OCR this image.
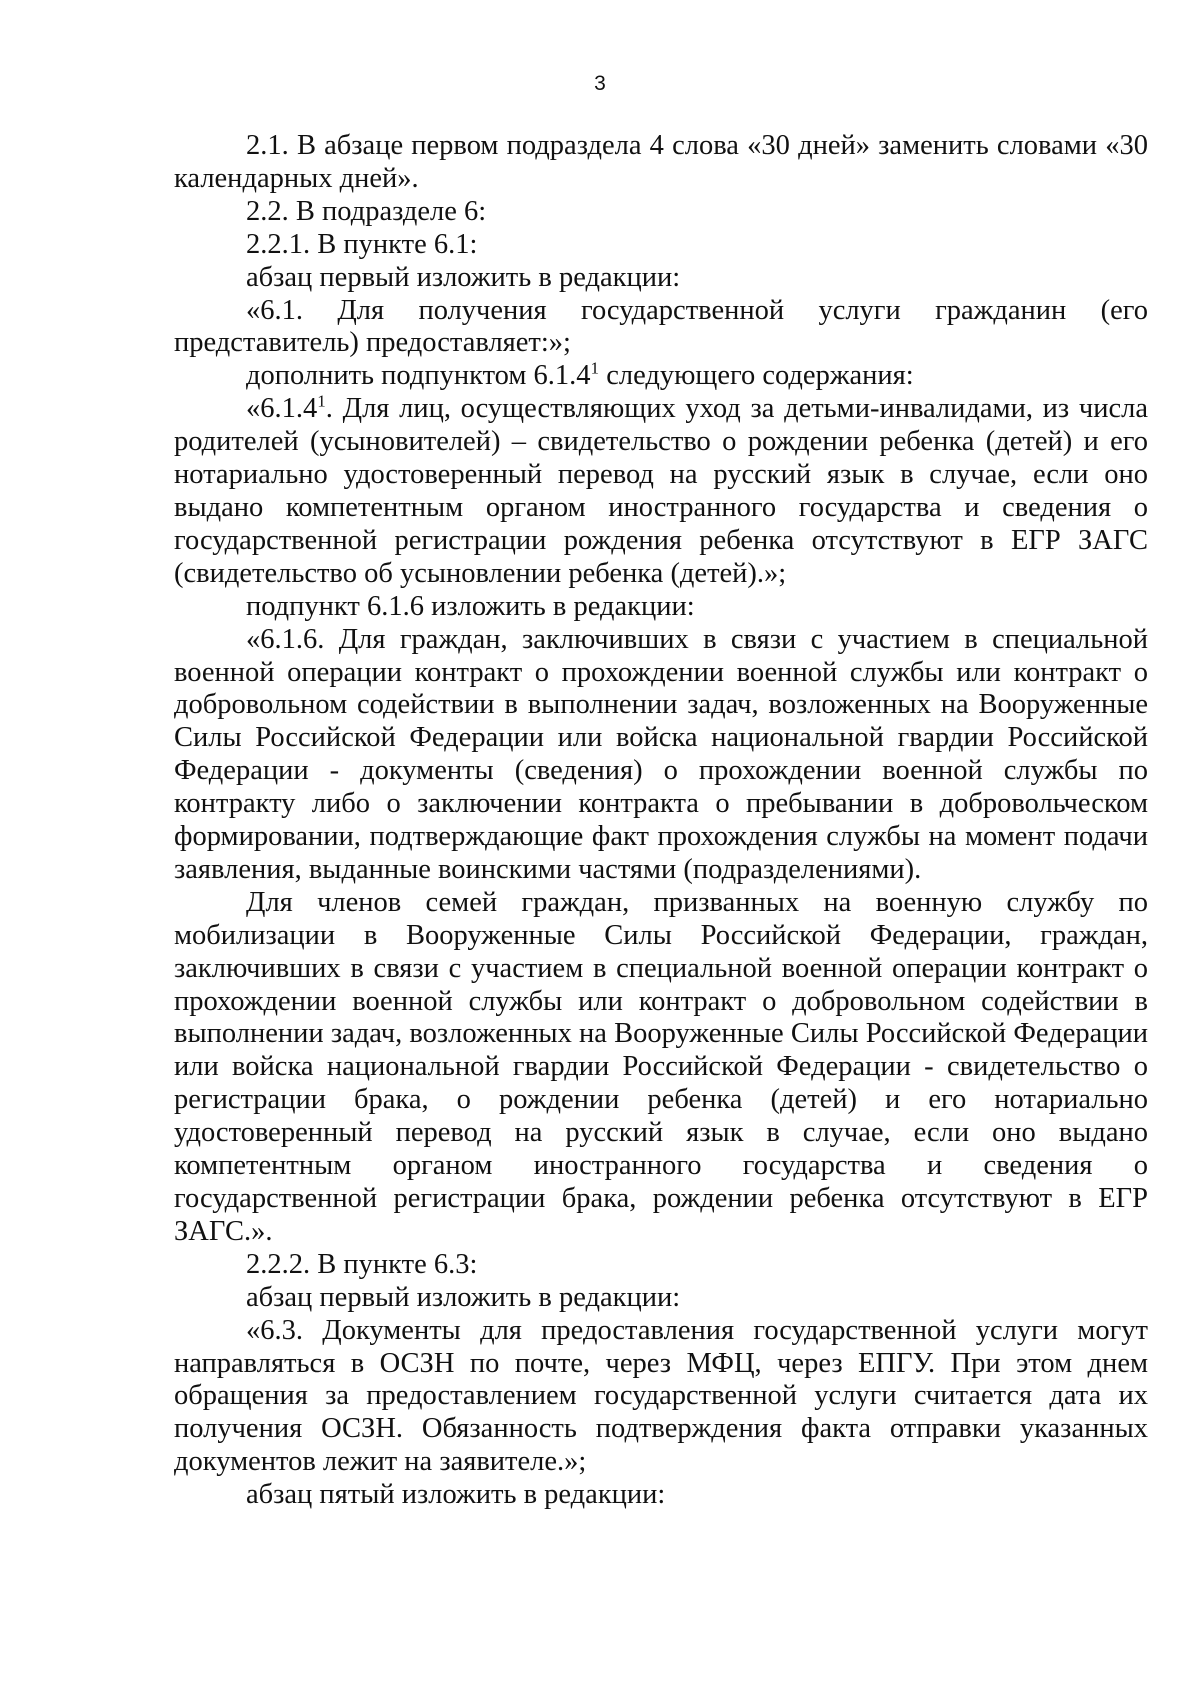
3

2.1. В абзаце первом подраздела 4 слова «30 дней» заменить словами «30 календарных дней».

2.2. В подразделе 6:

2.2.1. В пункте 6.1:

абзац первый изложить в редакции:

«6.1. Для получения государственной услуги гражданин (его представитель) предоставляет:»;

дополнить подпунктом 6.1.4$^1$ следующего содержания:

«6.1.4$^1$. Для лиц, осуществляющих уход за детьми-инвалидами, из числа родителей (усыновителей) – свидетельство о рождении ребенка (детей) и его нотариально удостоверенный перевод на русский язык в случае, если оно выдано компетентным органом иностранного государства и сведения о государственной регистрации рождения ребенка отсутствуют в ЕГР ЗАГС (свидетельство об усыновлении ребенка (детей).»;

подпункт 6.1.6 изложить в редакции:

«6.1.6. Для граждан, заключивших в связи с участием в специальной военной операции контракт о прохождении военной службы или контракт о добровольном содействии в выполнении задач, возложенных на Вооруженные Силы Российской Федерации или войска национальной гвардии Российской Федерации - документы (сведения) о прохождении военной службы по контракту либо о заключении контракта о пребывании в добровольческом формировании, подтверждающие факт прохождения службы на момент подачи заявления, выданные воинскими частями (подразделениями).

Для членов семей граждан, призванных на военную службу по мобилизации в Вооруженные Силы Российской Федерации, граждан, заключивших в связи с участием в специальной военной операции контракт о прохождении военной службы или контракт о добровольном содействии в выполнении задач, возложенных на Вооруженные Силы Российской Федерации или войска национальной гвардии Российской Федерации - свидетельство о регистрации брака, о рождении ребенка (детей) и его нотариально удостоверенный перевод на русский язык в случае, если оно выдано компетентным органом иностранного государства и сведения о государственной регистрации брака, рождении ребенка отсутствуют в ЕГР ЗАГС.».

2.2.2. В пункте 6.3:

абзац первый изложить в редакции:

«6.3. Документы для предоставления государственной услуги могут направляться в ОСЗН по почте, через МФЦ, через ЕПГУ. При этом днем обращения за предоставлением государственной услуги считается дата их получения ОСЗН. Обязанность подтверждения факта отправки указанных документов лежит на заявителе.»;

абзац пятый изложить в редакции:
